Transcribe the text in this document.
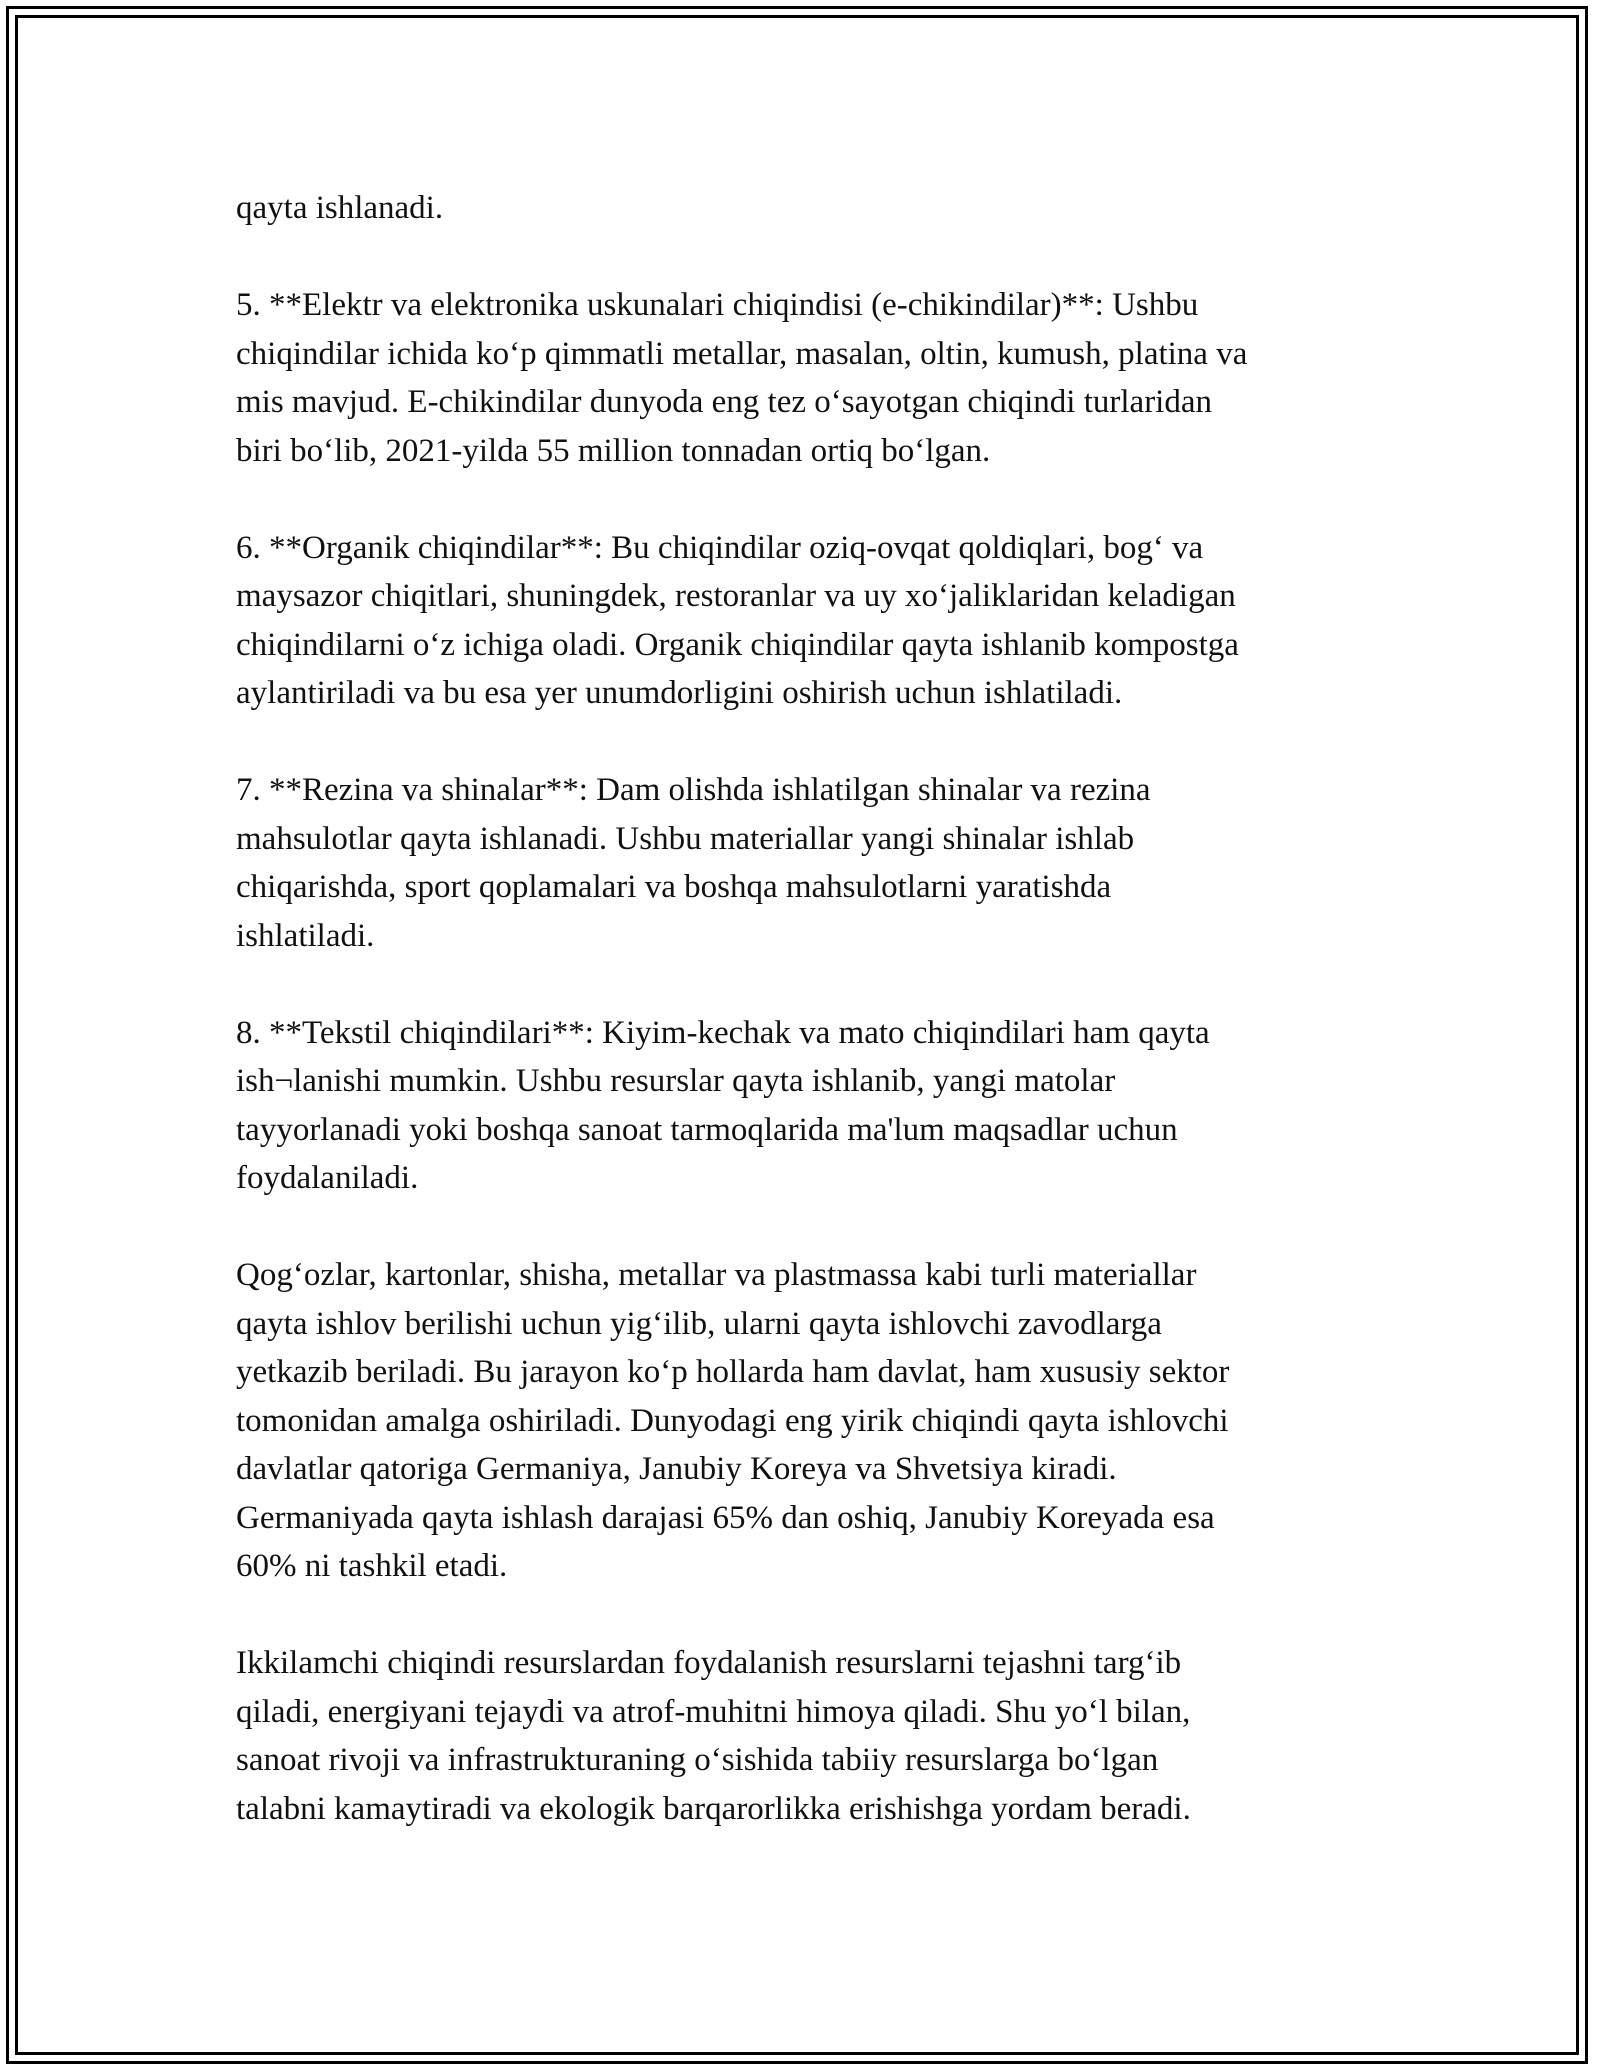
qayta ishlanadi.
5. **Elektr va elektronika uskunalari chiqindisi (e-chikindilar)**: Ushbu
chiqindilar ichida ko‘p qimmatli metallar, masalan, oltin, kumush, platina va
mis mavjud. E-chikindilar dunyoda eng tez o‘sayotgan chiqindi turlaridan
biri bo‘lib, 2021-yilda 55 million tonnadan ortiq bo‘lgan.
6. **Organik chiqindilar**: Bu chiqindilar oziq-ovqat qoldiqlari, bog‘ va
maysazor chiqitlari, shuningdek, restoranlar va uy xo‘jaliklaridan keladigan
chiqindilarni o‘z ichiga oladi. Organik chiqindilar qayta ishlanib kompostga
aylantiriladi va bu esa yer unumdorligini oshirish uchun ishlatiladi.
7. **Rezina va shinalar**: Dam olishda ishlatilgan shinalar va rezina
mahsulotlar qayta ishlanadi. Ushbu materiallar yangi shinalar ishlab
chiqarishda, sport qoplamalari va boshqa mahsulotlarni yaratishda
ishlatiladi.
8. **Tekstil chiqindilari**: Kiyim-kechak va mato chiqindilari ham qayta
ish¬lanishi mumkin. Ushbu resurslar qayta ishlanib, yangi matolar
tayyorlanadi yoki boshqa sanoat tarmoqlarida ma'lum maqsadlar uchun
foydalaniladi.
Qog‘ozlar, kartonlar, shisha, metallar va plastmassa kabi turli materiallar
qayta ishlov berilishi uchun yig‘ilib, ularni qayta ishlovchi zavodlarga
yetkazib beriladi. Bu jarayon ko‘p hollarda ham davlat, ham xususiy sektor
tomonidan amalga oshiriladi. Dunyodagi eng yirik chiqindi qayta ishlovchi
davlatlar qatoriga Germaniya, Janubiy Koreya va Shvetsiya kiradi.
Germaniyada qayta ishlash darajasi 65% dan oshiq, Janubiy Koreyada esa
60% ni tashkil etadi.
Ikkilamchi chiqindi resurslardan foydalanish resurslarni tejashni targ‘ib
qiladi, energiyani tejaydi va atrof-muhitni himoya qiladi. Shu yo‘l bilan,
sanoat rivoji va infrastrukturaning o‘sishida tabiiy resurslarga bo‘lgan
talabni kamaytiradi va ekologik barqarorlikka erishishga yordam beradi.
